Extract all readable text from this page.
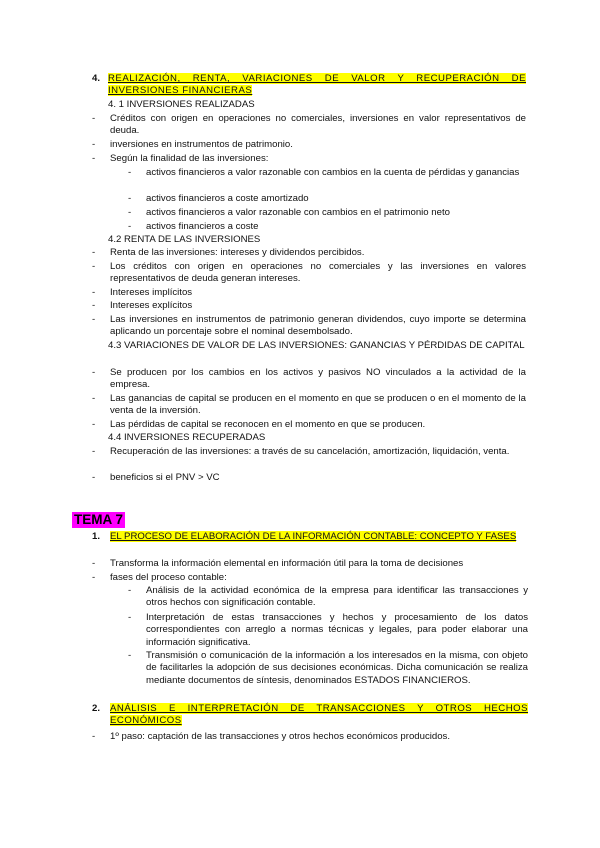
4. REALIZACIÓN, RENTA, VARIACIONES DE VALOR Y RECUPERACIÓN DE INVERSIONES FINANCIERAS
4. 1 INVERSIONES REALIZADAS
- Créditos con origen en operaciones no comerciales, inversiones en valor representativos de deuda.
- inversiones en instrumentos de patrimonio.
- Según la finalidad de las inversiones:
- activos financieros a valor razonable con cambios en la cuenta de pérdidas y ganancias
- activos financieros a coste amortizado
- activos financieros a valor razonable con cambios en el patrimonio neto
- activos financieros a coste
4.2 RENTA DE LAS INVERSIONES
- Renta de las inversiones: intereses y dividendos percibidos.
- Los créditos con origen en operaciones no comerciales y las inversiones en valores representativos de deuda generan intereses.
- Intereses implícitos
- Intereses explícitos
- Las inversiones en instrumentos de patrimonio generan dividendos, cuyo importe se determina aplicando un porcentaje sobre el nominal desembolsado.
4.3 VARIACIONES DE VALOR DE LAS INVERSIONES: GANANCIAS Y PÉRDIDAS DE CAPITAL
- Se producen por los cambios en los activos y pasivos NO vinculados a la actividad de la empresa.
- Las ganancias de capital se producen en el momento en que se producen o en el momento de la venta de la inversión.
- Las pérdidas de capital se reconocen en el momento en que se producen.
4.4 INVERSIONES RECUPERADAS
- Recuperación de las inversiones: a través de su cancelación, amortización, liquidación, venta.
- beneficios si el PNV > VC
TEMA 7
1. EL PROCESO DE ELABORACIÓN DE LA INFORMACIÓN CONTABLE: CONCEPTO Y FASES
- Transforma la información elemental en información útil para la toma de decisiones
- fases del proceso contable:
- Análisis de la actividad económica de la empresa para identificar las transacciones y otros hechos con significación contable.
- Interpretación de estas transacciones y hechos y procesamiento de los datos correspondientes con arreglo a normas técnicas y legales, para poder elaborar una información significativa.
- Transmisión o comunicación de la información a los interesados en la misma, con objeto de facilitarles la adopción de sus decisiones económicas. Dicha comunicación se realiza mediante documentos de síntesis, denominados ESTADOS FINANCIEROS.
2. ANÁLISIS E INTERPRETACIÓN DE TRANSACCIONES Y OTROS HECHOS ECONÓMICOS
- 1º paso: captación de las transacciones y otros hechos económicos producidos.
